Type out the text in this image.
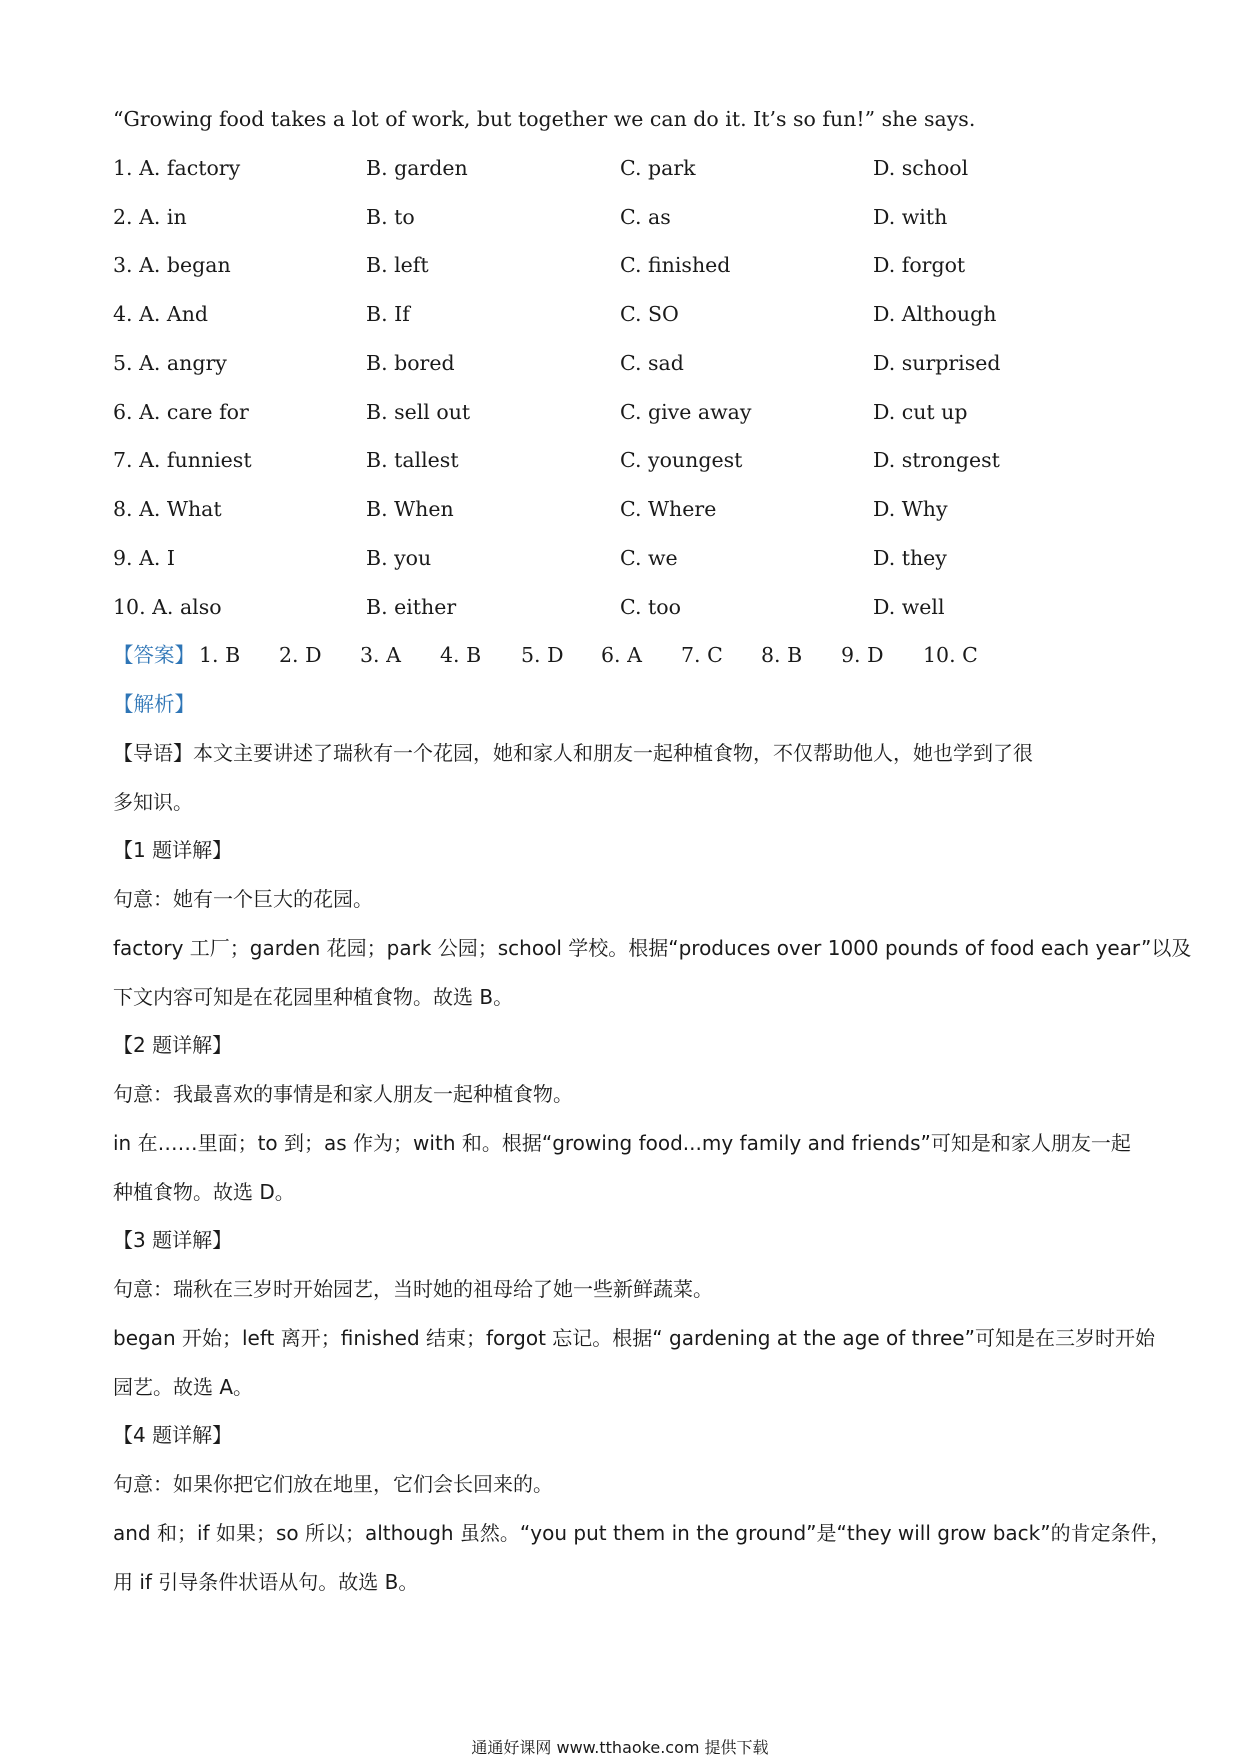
“Growing food takes a lot of work, but together we can do it. It’s so fun!” she says.
1. A. factory	B. garden	C. park	D. school
2. A. in	B. to	C. as	D. with
3. A. began	B. left	C. finished	D. forgot
4. A. And	B. If	C. SO	D. Although
5. A. angry	B. bored	C. sad	D. surprised
6. A. care for	B. sell out	C. give away	D. cut up
7. A. funniest	B. tallest	C. youngest	D. strongest
8. A. What	B. When	C. Where	D. Why
9. A. I	B. you	C. we	D. they
10. A. also	B. either	C. too	D. well
【答案】 1. B 2. D 3. A 4. B 5. D 6. A 7. C 8. B 9. D 10. C
【解析】
【导语】本文主要讲述了瑞秋有一个花园，她和家人和朋友一起种植食物，不仅帮助他人，她也学到了很
多知识。
【1 题详解】
句意：她有一个巨大的花园。
factory 工厂；garden 花园；park 公园；school 学校。根据“produces over 1000 pounds of food each year”以及
下文内容可知是在花园里种植食物。故选 B。
【2 题详解】
句意：我最喜欢的事情是和家人朋友一起种植食物。
in 在……里面；to 到；as 作为；with 和。根据“growing food...my family and friends”可知是和家人朋友一起
种植食物。故选 D。
【3 题详解】
句意：瑞秋在三岁时开始园艺，当时她的祖母给了她一些新鲜蔬菜。
began 开始；left 离开；finished 结束；forgot 忘记。根据“ gardening at the age of three”可知是在三岁时开始
园艺。故选 A。
【4 题详解】
句意：如果你把它们放在地里，它们会长回来的。
and 和；if 如果；so 所以；although 虽然。“you put them in the ground”是“they will grow back”的肯定条件，
用 if 引导条件状语从句。故选 B。
通通好课网 www.tthaoke.com 提供下载
